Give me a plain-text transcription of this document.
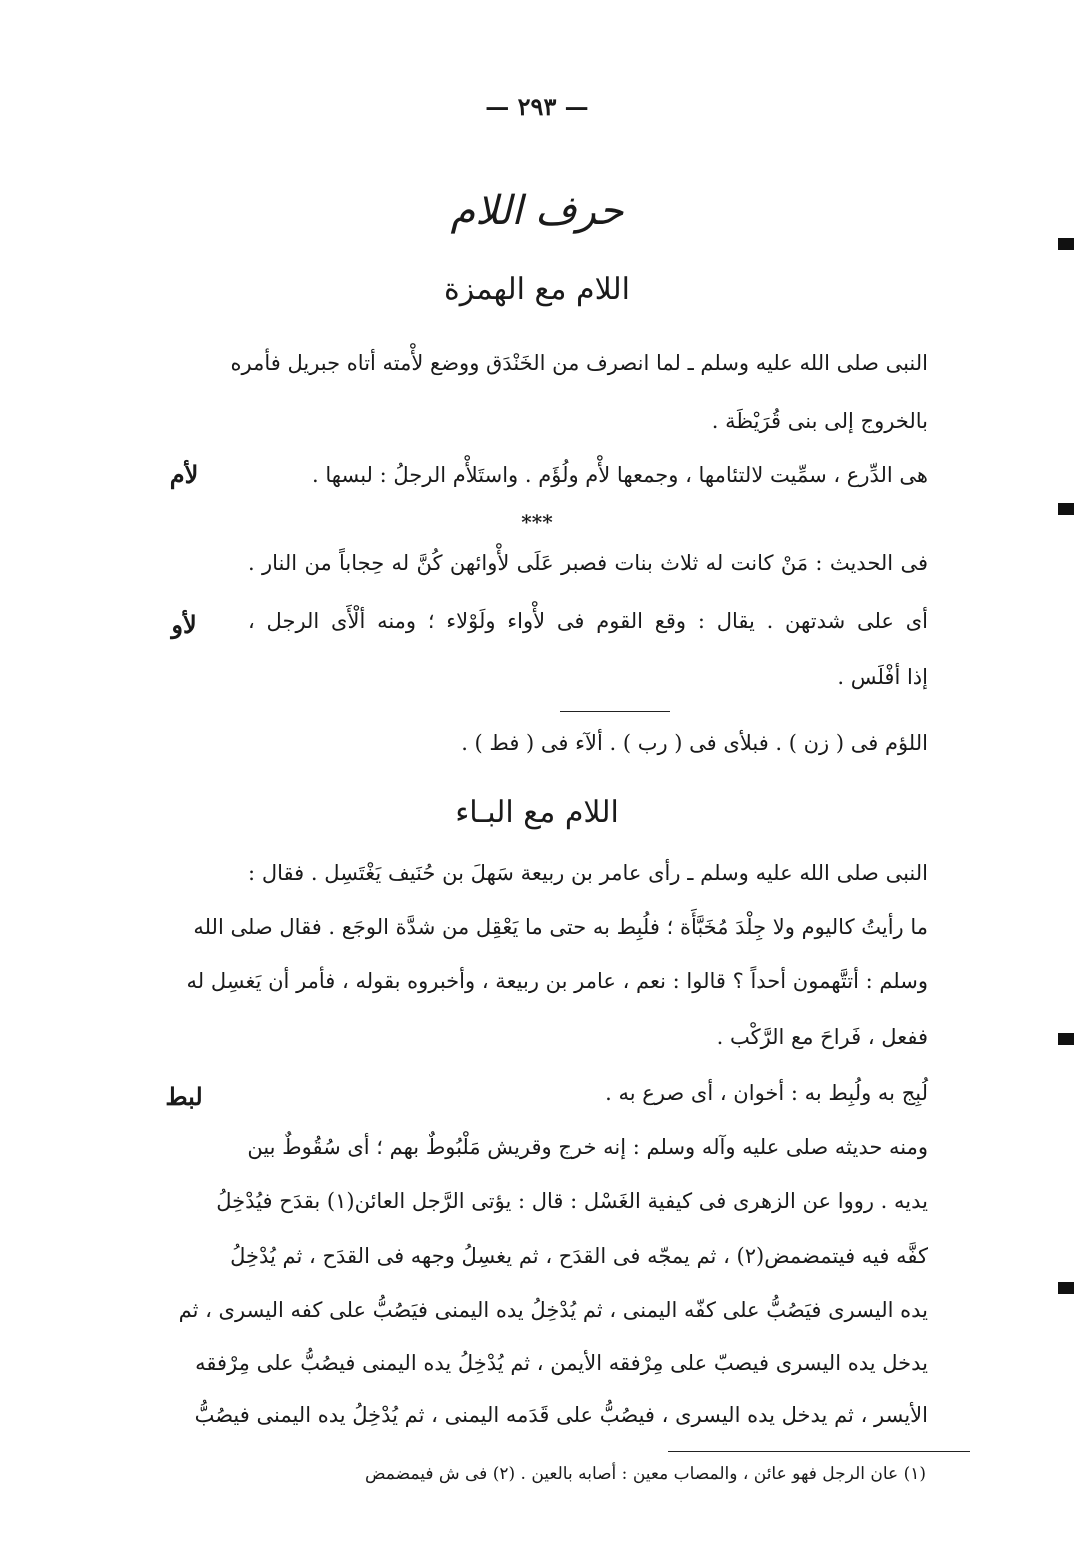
— ٢٩٣ —
حرف اللام
اللام مع الهمزة
النبى صلى الله عليه وسلم ـ لما انصرف من الخَنْدَق ووضع لأْمته أتاه جبريل فأمره
بالخروج إلى بنى قُرَيْظَة .
هى الدِّرع ، سمِّيت لالتئامها ، وجمعها لأْم ولُؤَم . واستَلأْم الرجلُ : لبسها .
***
فى الحديث : مَنْ كانت له ثلاث بنات فصبر عَلَى لأْوائهن كُنَّ له حِجاباً من النار .
أى على شدتهن . يقال : وقع القوم فى لأْواء ولَوْلاء ؛ ومنه ألْأَى الرجل ،
إذا أفْلَس .
اللؤم فى ( زن ) . فبلأى فى ( رب ) . ألآء فى ( فط ) .
اللام مع البـاء
النبى صلى الله عليه وسلم ـ رأى عامر بن ربيعة سَهلَ بن حُنَيف يَغْتَسِل . فقال :
ما رأيتُ كاليوم ولا جِلْدَ مُخَبَّأَة ؛ فلُبِط به حتى ما يَعْقِل من شدَّة الوجَع . فقال صلى الله
وسلم : أتتَّهمون أحداً ؟ قالوا : نعم ، عامر بن ربيعة ، وأخبروه بقوله ، فأمر أن يَغسِل له
ففعل ، فَراحَ مع الرَّكْب .
لُبِج به ولُبِط به : أخوان ، أى صرع به .
ومنه حديثه صلى عليه وآله وسلم : إنه خرج وقريش مَلْبُوطٌ بهم ؛ أى سُقُوطٌ بين
يديه . رووا عن الزهرى فى كيفية الغَسْل : قال : يؤتى الرَّجل العائن(١) بقدَح فيُدْخِلُ
كفَّه فيه فيتمضمض(٢) ، ثم يمجّه فى القدَح ، ثم يغسِلُ وجهه فى القدَح ، ثم يُدْخِلُ
يده اليسرى فيَصُبُّ على كفّه اليمنى ، ثم يُدْخِلُ يده اليمنى فيَصُبُّ على كفه اليسرى ، ثم
يدخل يده اليسرى فيصبّ على مِرْفقه الأيمن ، ثم يُدْخِلُ يده اليمنى فيصُبُّ على مِرْفقه
الأيسر ، ثم يدخل يده اليسرى ، فيصُبُّ على قَدَمه اليمنى ، ثم يُدْخِلُ يده اليمنى فيصُبُّ
(١) عان الرجل فهو عائن ، والمصاب معين : أصابه بالعين . (٢) فى ش فيمضمض
لأم
لأو
لبط
